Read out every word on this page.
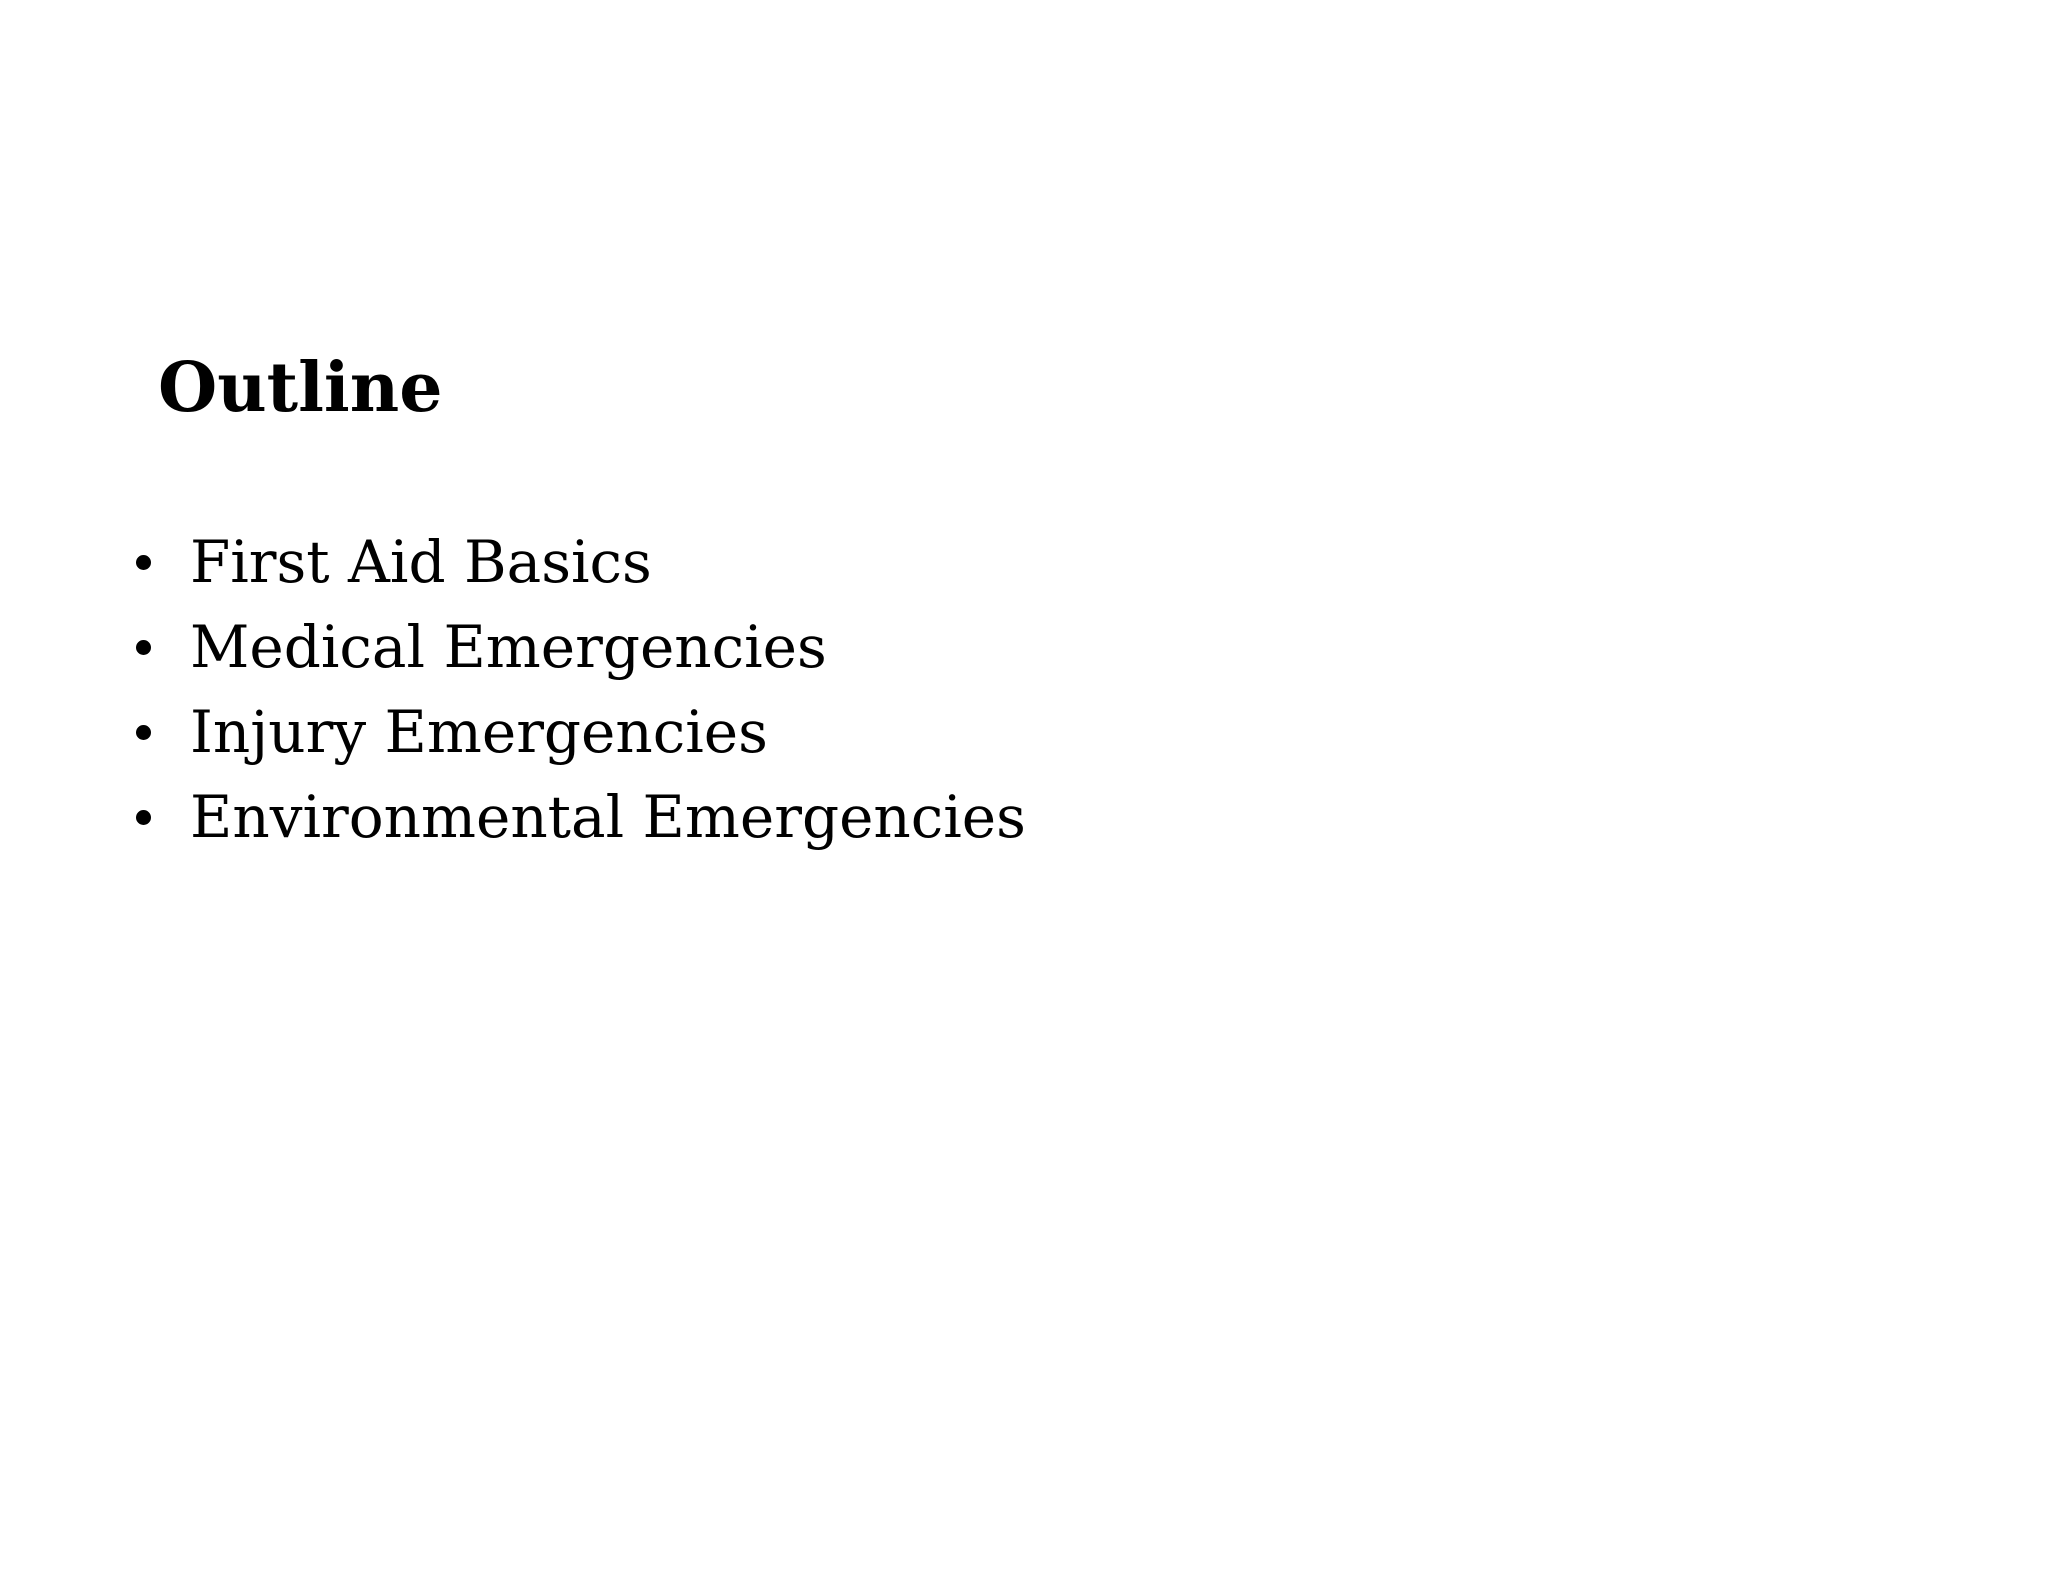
Outline
First Aid Basics
Medical Emergencies
Injury Emergencies
Environmental Emergencies
